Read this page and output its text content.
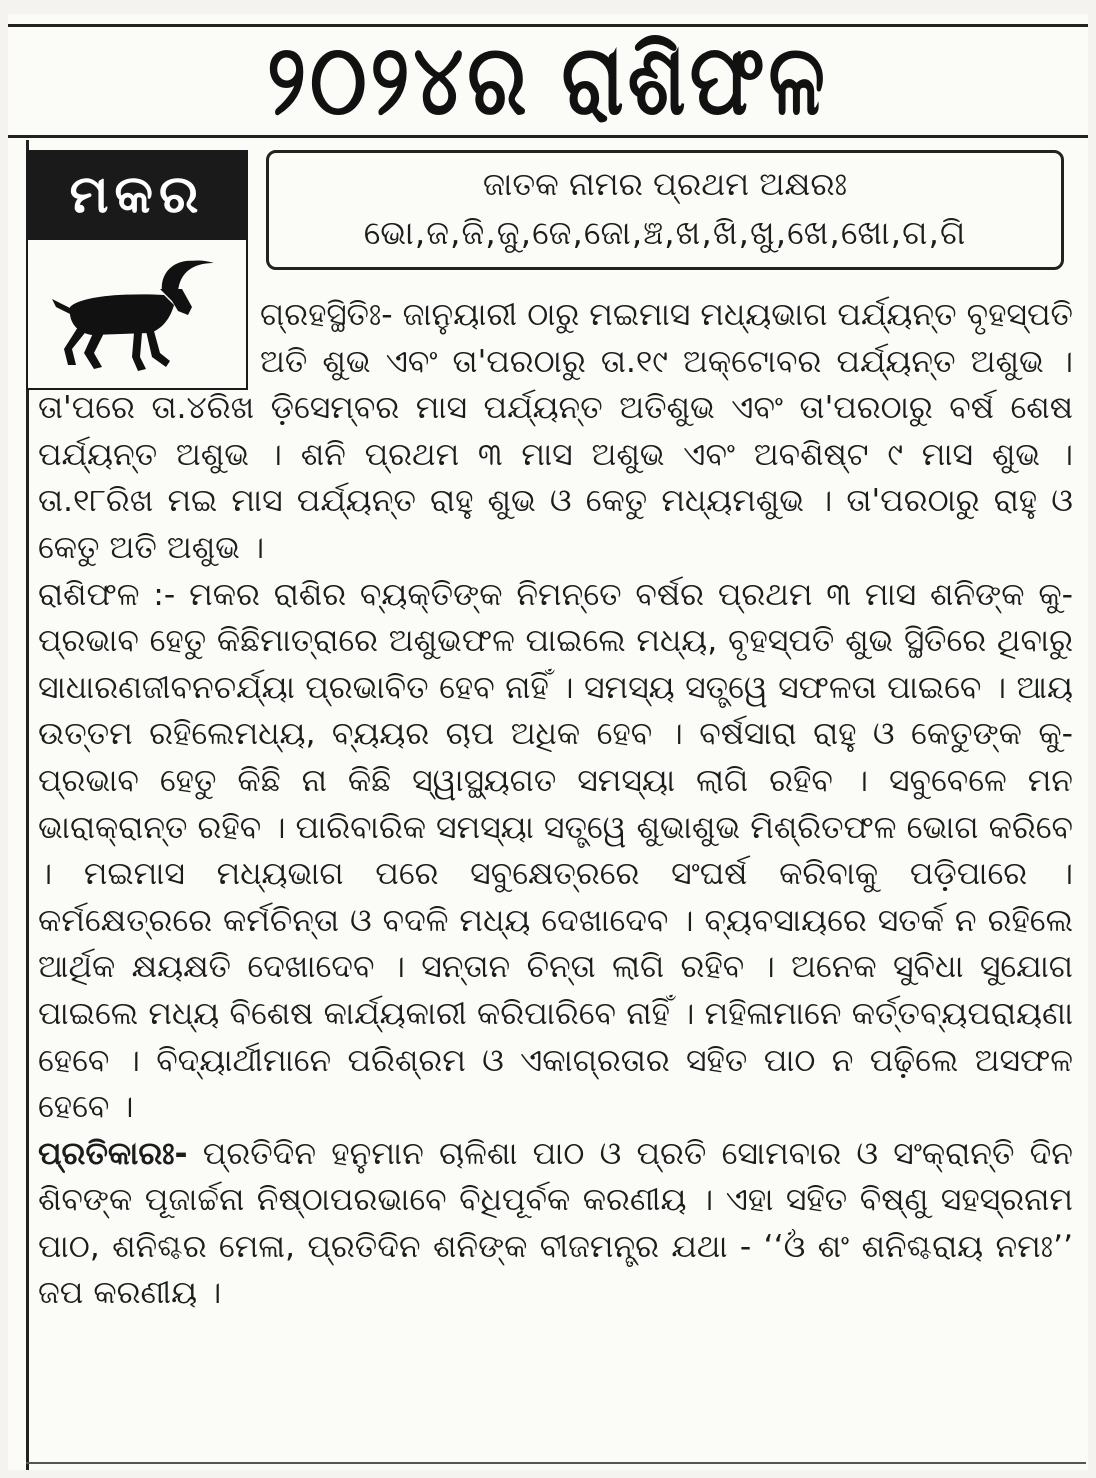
୨୦୨୪ର ରାଶିଫଳ
ମକର	ଜାତକ ନାମର ପ୍ରଥମ ଅକ୍ଷରଃ
ଭୋ,ଜ,ଜି,ଜୁ,ଜେ,ଜୋ,ଞ୍ଚ,ଖ,ଖି,ଖୁ,ଖେ,ଖୋ,ଗ,ଗି

ଗ୍ରହସ୍ଥିତିଃ- ଜାନୁୟାରୀ ଠାରୁ ମଇମାସ ମଧ୍ୟଭାଗ ପର୍ଯ୍ୟନ୍ତ ବୃହସ୍ପତି ଅତି ଶୁଭ ଏବଂ ତା'ପରଠାରୁ ତା.୧୯ ଅକ୍ଟୋବର ପର୍ଯ୍ୟନ୍ତ ଅଶୁଭ । ତା'ପରେ ତା.୪ରିଖ ଡ଼ିସେମ୍ବର ମାସ ପର୍ଯ୍ୟନ୍ତ ଅତିଶୁଭ ଏବଂ ତା'ପରଠାରୁ ବର୍ଷ ଶେଷ ପର୍ଯ୍ୟନ୍ତ ଅଶୁଭ । ଶନି ପ୍ରଥମ ୩ ମାସ ଅଶୁଭ ଏବଂ ଅବଶିଷ୍ଟ ୯ ମାସ ଶୁଭ । ତା.୧୮ରିଖ ମଇ ମାସ ପର୍ଯ୍ୟନ୍ତ ରାହୁ ଶୁଭ ଓ କେତୁ ମଧ୍ୟମଶୁଭ । ତା'ପରଠାରୁ ରାହୁ ଓ କେତୁ ଅତି ଅଶୁଭ ।

ରାଶିଫଳ :- ମକର ରାଶିର ବ୍ୟକ୍ତିଙ୍କ ନିମନ୍ତେ ବର୍ଷର ପ୍ରଥମ ୩ ମାସ ଶନିଙ୍କ କୁ-ପ୍ରଭାବ ହେତୁ କିଛିମାତ୍ରାରେ ଅଶୁଭଫଳ ପାଇଲେ ମଧ୍ୟ, ବୃହସ୍ପତି ଶୁଭ ସ୍ଥିତିରେ ଥିବାରୁ ସାଧାରଣଜୀବନଚର୍ଯ୍ୟା ପ୍ରଭାବିତ ହେବ ନାହିଁ । ସମସ୍ୟ ସତ୍ତ୍ୱେ ସଫଳତା ପାଇବେ । ଆୟ ଉତ୍ତମ ରହିଲେମଧ୍ୟ, ବ୍ୟୟର ଚାପ ଅଧିକ ହେବ । ବର୍ଷସାରା ରାହୁ ଓ କେତୁଙ୍କ କୁ-ପ୍ରଭାବ ହେତୁ କିଛି ନା କିଛି ସ୍ୱାସ୍ଥ୍ୟଗତ ସମସ୍ୟା ଲାଗି ରହିବ । ସବୁବେଳେ ମନ ଭାରାକ୍ରାନ୍ତ ରହିବ । ପାରିବାରିକ ସମସ୍ୟା ସତ୍ତ୍ୱେ ଶୁଭାଶୁଭ ମିଶ୍ରିତଫଳ ଭୋଗ କରିବେ । ମଇମାସ ମଧ୍ୟଭାଗ ପରେ ସବୁକ୍ଷେତ୍ରରେ ସଂଘର୍ଷ କରିବାକୁ ପଡ଼ିପାରେ । କର୍ମକ୍ଷେତ୍ରରେ କର୍ମଚିନ୍ତା ଓ ବଦଳି ମଧ୍ୟ ଦେଖାଦେବ । ବ୍ୟବସାୟରେ ସତର୍କ ନ ରହିଲେ ଆର୍ଥିକ କ୍ଷୟକ୍ଷତି ଦେଖାଦେବ । ସନ୍ତାନ ଚିନ୍ତା ଲାଗି ରହିବ । ଅନେକ ସୁବିଧା ସୁଯୋଗ ପାଇଲେ ମଧ୍ୟ ବିଶେଷ କାର୍ଯ୍ୟକାରୀ କରିପାରିବେ ନାହିଁ । ମହିଳାମାନେ କର୍ତ୍ତବ୍ୟପରାୟଣା ହେବେ । ବିଦ୍ୟାର୍ଥୀମାନେ ପରିଶ୍ରମ ଓ ଏକାଗ୍ରତାର ସହିତ ପାଠ ନ ପଢ଼ିଲେ ଅସଫଳ ହେବେ ।

ପ୍ରତିକାରଃ- ପ୍ରତିଦିନ ହନୁମାନ ଚାଳିଶା ପାଠ ଓ ପ୍ରତି ସୋମବାର ଓ ସଂକ୍ରାନ୍ତି ଦିନ ଶିବଙ୍କ ପୂଜାର୍ଚ୍ଚନା ନିଷ୍ଠାପରଭାବେ ବିଧିପୂର୍ବକ କରଣୀୟ । ଏହା ସହିତ ବିଷ୍ଣୁ ସହସ୍ରନାମ ପାଠ, ଶନିଶ୍ଚର ମେଳା, ପ୍ରତିଦିନ ଶନିଙ୍କ ବୀଜମନ୍ତ୍ର ଯଥା - ‘‘ଓଁ ଶଂ ଶନିଶ୍ଚରାୟ ନମଃ’’ ଜପ କରଣୀୟ ।
